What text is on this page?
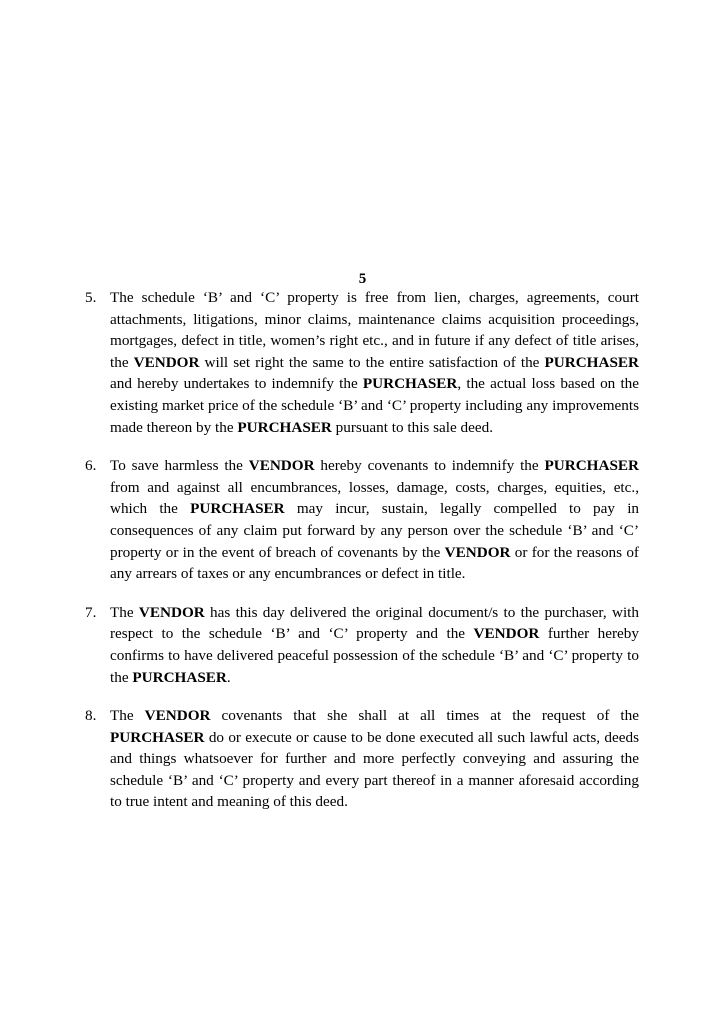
5
5. The schedule ‘B’ and ‘C’ property is free from lien, charges, agreements, court attachments, litigations, minor claims, maintenance claims acquisition proceedings, mortgages, defect in title, women’s right etc., and in future if any defect of title arises, the VENDOR will set right the same to the entire satisfaction of the PURCHASER and hereby undertakes to indemnify the PURCHASER, the actual loss based on the existing market price of the schedule ‘B’ and ‘C’ property including any improvements made thereon by the PURCHASER pursuant to this sale deed.
6. To save harmless the VENDOR hereby covenants to indemnify the PURCHASER from and against all encumbrances, losses, damage, costs, charges, equities, etc., which the PURCHASER may incur, sustain, legally compelled to pay in consequences of any claim put forward by any person over the schedule ‘B’ and ‘C’ property or in the event of breach of covenants by the VENDOR or for the reasons of any arrears of taxes or any encumbrances or defect in title.
7. The VENDOR has this day delivered the original document/s to the purchaser, with respect to the schedule ‘B’ and ‘C’ property and the VENDOR further hereby confirms to have delivered peaceful possession of the schedule ‘B’ and ‘C’ property to the PURCHASER.
8. The VENDOR covenants that she shall at all times at the request of the PURCHASER do or execute or cause to be done executed all such lawful acts, deeds and things whatsoever for further and more perfectly conveying and assuring the schedule ‘B’ and ‘C’ property and every part thereof in a manner aforesaid according to true intent and meaning of this deed.
